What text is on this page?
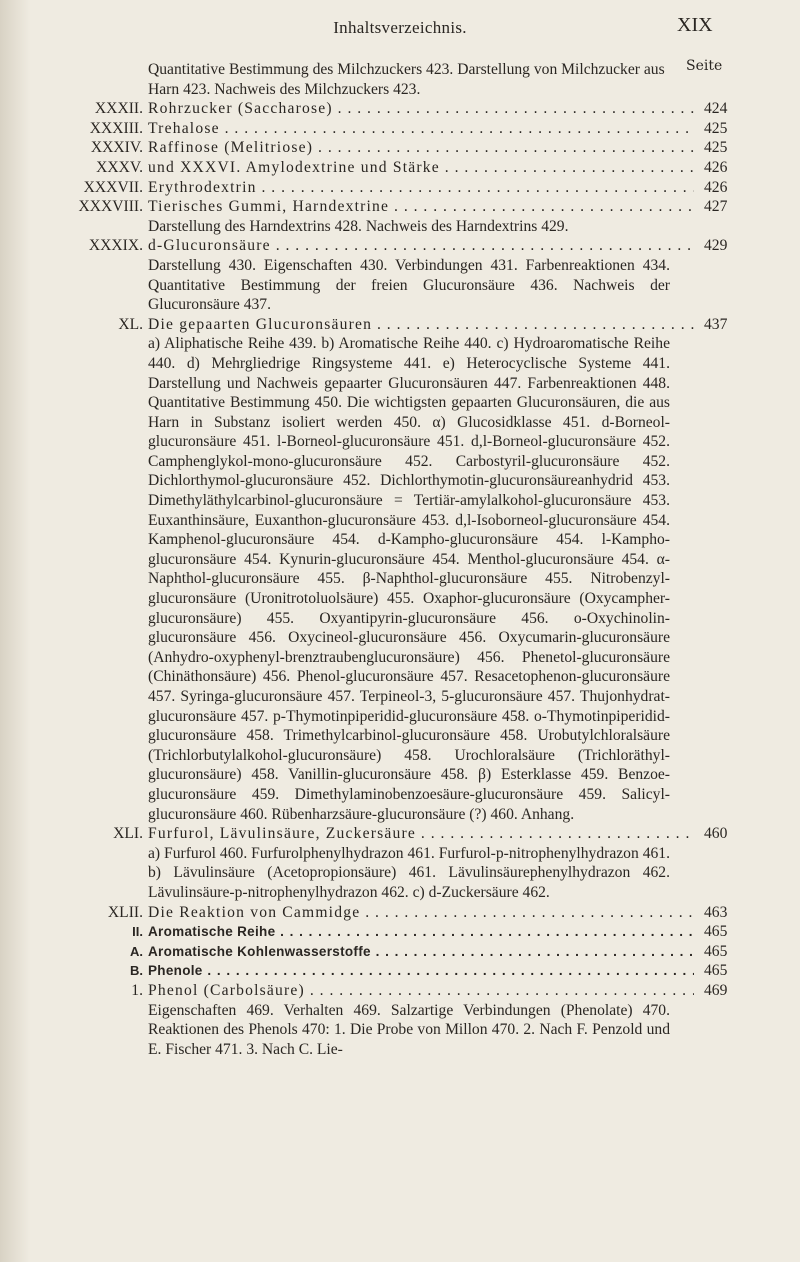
Inhaltsverzeichnis.	XIX
Seite
Quantitative Bestimmung des Milchzuckers 423. Darstellung von Milchzucker aus Harn 423. Nachweis des Milchzuckers 423.
XXXII. Rohrzucker (Saccharose) . . .	424
XXXIII. Trehalose . . .	425
XXXIV. Raffinose (Melitriose) . . .	425
XXXV. und XXXVI. Amylodextrine und Stärke . . .	426
XXXVII. Erythrodextrin . . .	426
XXXVIII. Tierisches Gummi, Harndextrine . . .	427
Darstellung des Harndextrins 428. Nachweis des Harndextrins 429.
XXXIX. d-Glucuronsäure . . .	429
Darstellung 430. Eigenschaften 430. Verbindungen 431. Farbenreaktionen 434. Quantitative Bestimmung der freien Glucuronsäure 436. Nachweis der Glucuronsäure 437.
XL. Die gepaarten Glucuronsäuren . . .	437
a) Aliphatische Reihe 439. b) Aromatische Reihe 440. c) Hydroaromatische Reihe 440. d) Mehrgliedrige Ringsysteme 441. e) Heterocyclische Systeme 441. Darstellung und Nachweis gepaarter Glucuronsäuren 447. Farbenreaktionen 448. Quantitative Bestimmung 450. Die wichtigsten gepaarten Glucuronsäuren, die aus Harn in Substanz isoliert werden 450. α) Glucosidklasse 451. d-Borneol-glucuronsäure 451. l-Borneol-glucuronsäure 451. d,l-Borneol-glucuronsäure 452. Camphenglykol-mono-glucuronsäure 452. Carbostyril-glucuronsäure 452. Dichlorthymol-glucuronsäure 452. Dichlorthymotin-glucuronsäureanhydrid 453. Dimethyläthylcarbinol-glucuronsäure = Tertiär-amylalkohol-glucuronsäure 453. Euxanthinsäure, Euxanthon-glucuronsäure 453. d,l-Isoborneol-glucuronsäure 454. Kamphenol-glucuronsäure 454. d-Kampho-glucuronsäure 454. l-Kampho-glucuronsäure 454. Kynurin-glucuronsäure 454. Menthol-glucuronsäure 454. α-Naphthol-glucuronsäure 455. β-Naphthol-glucuronsäure 455. Nitrobenzyl-glucuronsäure (Uronitrotoluolsäure) 455. Oxaphor-glucuronsäure (Oxycampher-glucuronsäure) 455. Oxyantipyrin-glucuronsäure 456. o-Oxychinolin-glucuronsäure 456. Oxycineol-glucuronsäure 456. Oxycumarin-glucuronsäure (Anhydro-oxyphenyl-brenztraubenglucuronsäure) 456. Phenetol-glucuronsäure (Chinäthonsäure) 456. Phenol-glucuronsäure 457. Resacetophenon-glucuronsäure 457. Syringa-glucuronsäure 457. Terpineol-3, 5-glucuronsäure 457. Thujonhydrat-glucuronsäure 457. p-Thymotinpiperidid-glucuronsäure 458. o-Thymotinpiperidid-glucuronsäure 458. Trimethylcarbinol-glucuronsäure 458. Urobutylchloralsäure (Trichlorbutylalkohol-glucuronsäure) 458. Urochloralsäure (Trichloräthyl-glucuronsäure) 458. Vanillin-glucuronsäure 458. β) Esterklasse 459. Benzoe-glucuronsäure 459. Dimethylaminobenzoesäure-glucuronsäure 459. Salicyl-glucuronsäure 460. Rübenharzsäure-glucuronsäure (?) 460. Anhang.
XLI. Furfurol, Lävulinsäure, Zuckersäure . . .	460
a) Furfurol 460. Furfurolphenylhydrazon 461. Furfurol-p-nitrophenylhydrazon 461. b) Lävulinsäure (Acetopropionsäure) 461. Lävulinsäurephenylhydrazon 462. Lävulinsäure-p-nitrophenylhydrazon 462. c) d-Zuckersäure 462.
XLII. Die Reaktion von Cammidge . . .	463
II. Aromatische Reihe . . .	465
A. Aromatische Kohlenwasserstoffe . . .	465
B. Phenole . . .	465
1. Phenol (Carbolsäure) . . .	469
Eigenschaften 469. Verhalten 469. Salzartige Verbindungen (Phenolate) 470. Reaktionen des Phenols 470: 1. Die Probe von Millon 470. 2. Nach F. Penzold und E. Fischer 471. 3. Nach C. Lie-
